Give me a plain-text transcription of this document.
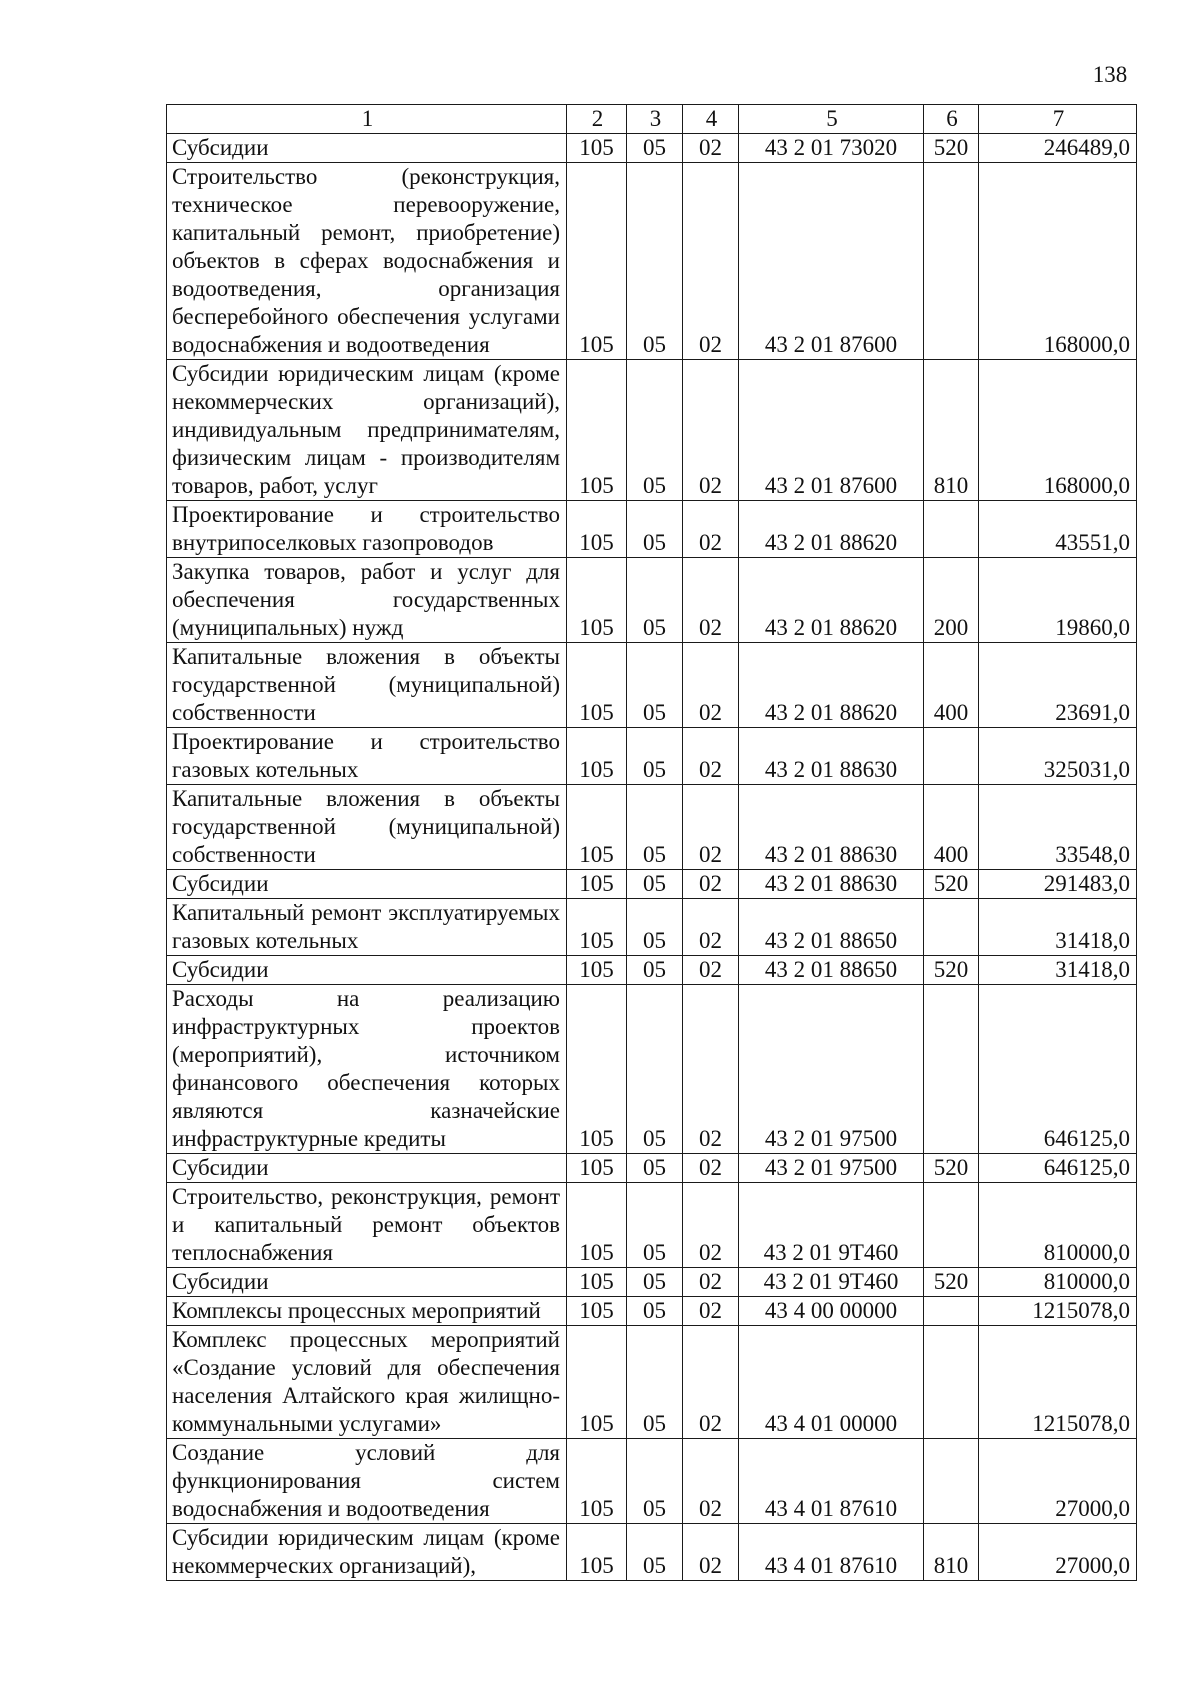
138
1	2	3	4	5	6	7
Субсидии	105	05	02	43 2 01 73020	520	246489,0
Строительство (реконструкция, техническое перевооружение, капитальный ремонт, приобретение) объектов в сферах водоснабжения и водоотведения, организация бесперебойного обеспечения услугами водоснабжения и водоотведения	105	05	02	43 2 01 87600		168000,0
Субсидии юридическим лицам (кроме некоммерческих организаций), индивидуальным предпринимателям, физическим лицам - производителям товаров, работ, услуг	105	05	02	43 2 01 87600	810	168000,0
Проектирование и строительство внутрипоселковых газопроводов	105	05	02	43 2 01 88620		43551,0
Закупка товаров, работ и услуг для обеспечения государственных (муниципальных) нужд	105	05	02	43 2 01 88620	200	19860,0
Капитальные вложения в объекты государственной (муниципальной) собственности	105	05	02	43 2 01 88620	400	23691,0
Проектирование и строительство газовых котельных	105	05	02	43 2 01 88630		325031,0
Капитальные вложения в объекты государственной (муниципальной) собственности	105	05	02	43 2 01 88630	400	33548,0
Субсидии	105	05	02	43 2 01 88630	520	291483,0
Капитальный ремонт эксплуатируемых газовых котельных	105	05	02	43 2 01 88650		31418,0
Субсидии	105	05	02	43 2 01 88650	520	31418,0
Расходы на реализацию инфраструктурных проектов (мероприятий), источником финансового обеспечения которых являются казначейские инфраструктурные кредиты	105	05	02	43 2 01 97500		646125,0
Субсидии	105	05	02	43 2 01 97500	520	646125,0
Строительство, реконструкция, ремонт и капитальный ремонт объектов теплоснабжения	105	05	02	43 2 01 9T460		810000,0
Субсидии	105	05	02	43 2 01 9T460	520	810000,0
Комплексы процессных мероприятий	105	05	02	43 4 00 00000		1215078,0
Комплекс процессных мероприятий «Создание условий для обеспечения населения Алтайского края жилищно-коммунальными услугами»	105	05	02	43 4 01 00000		1215078,0
Создание условий для функционирования систем водоснабжения и водоотведения	105	05	02	43 4 01 87610		27000,0
Субсидии юридическим лицам (кроме некоммерческих организаций),	105	05	02	43 4 01 87610	810	27000,0
